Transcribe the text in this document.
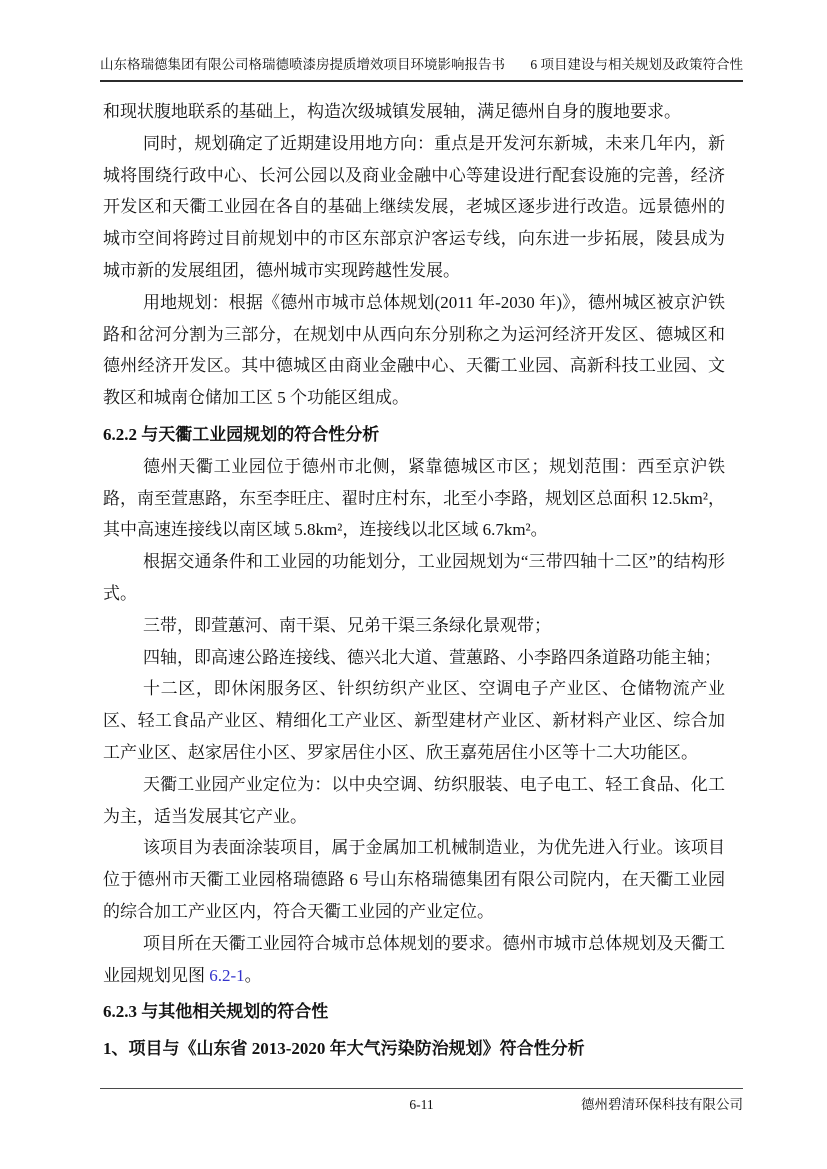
山东格瑞德集团有限公司格瑞德喷漆房提质增效项目环境影响报告书 6 项目建设与相关规划及政策符合性

和现状腹地联系的基础上，构造次级城镇发展轴，满足德州自身的腹地要求。

同时，规划确定了近期建设用地方向：重点是开发河东新城，未来几年内，新城将围绕行政中心、长河公园以及商业金融中心等建设进行配套设施的完善，经济开发区和天衢工业园在各自的基础上继续发展，老城区逐步进行改造。远景德州的城市空间将跨过目前规划中的市区东部京沪客运专线，向东进一步拓展，陵县成为城市新的发展组团，德州城市实现跨越性发展。

用地规划：根据《德州市城市总体规划(2011 年-2030 年)》，德州城区被京沪铁路和岔河分割为三部分，在规划中从西向东分别称之为运河经济开发区、德城区和德州经济开发区。其中德城区由商业金融中心、天衢工业园、高新科技工业园、文教区和城南仓储加工区 5 个功能区组成。

6.2.2 与天衢工业园规划的符合性分析

德州天衢工业园位于德州市北侧，紧靠德城区市区；规划范围：西至京沪铁路，南至萱惠路，东至李旺庄、翟时庄村东，北至小李路，规划区总面积 12.5km²，其中高速连接线以南区域 5.8km²，连接线以北区域 6.7km²。

根据交通条件和工业园的功能划分，工业园规划为“三带四轴十二区”的结构形式。

三带，即萱蕙河、南干渠、兄弟干渠三条绿化景观带；

四轴，即高速公路连接线、德兴北大道、萱蕙路、小李路四条道路功能主轴；

十二区，即休闲服务区、针织纺织产业区、空调电子产业区、仓储物流产业区、轻工食品产业区、精细化工产业区、新型建材产业区、新材料产业区、综合加工产业区、赵家居住小区、罗家居住小区、欣王嘉苑居住小区等十二大功能区。

天衢工业园产业定位为：以中央空调、纺织服装、电子电工、轻工食品、化工为主，适当发展其它产业。

该项目为表面涂装项目，属于金属加工机械制造业，为优先进入行业。该项目位于德州市天衢工业园格瑞德路 6 号山东格瑞德集团有限公司院内，在天衢工业园的综合加工产业区内，符合天衢工业园的产业定位。

项目所在天衢工业园符合城市总体规划的要求。德州市城市总体规划及天衢工业园规划见图 6.2-1。

6.2.3 与其他相关规划的符合性
1、项目与《山东省 2013-2020 年大气污染防治规划》符合性分析
6-11	德州碧清环保科技有限公司
